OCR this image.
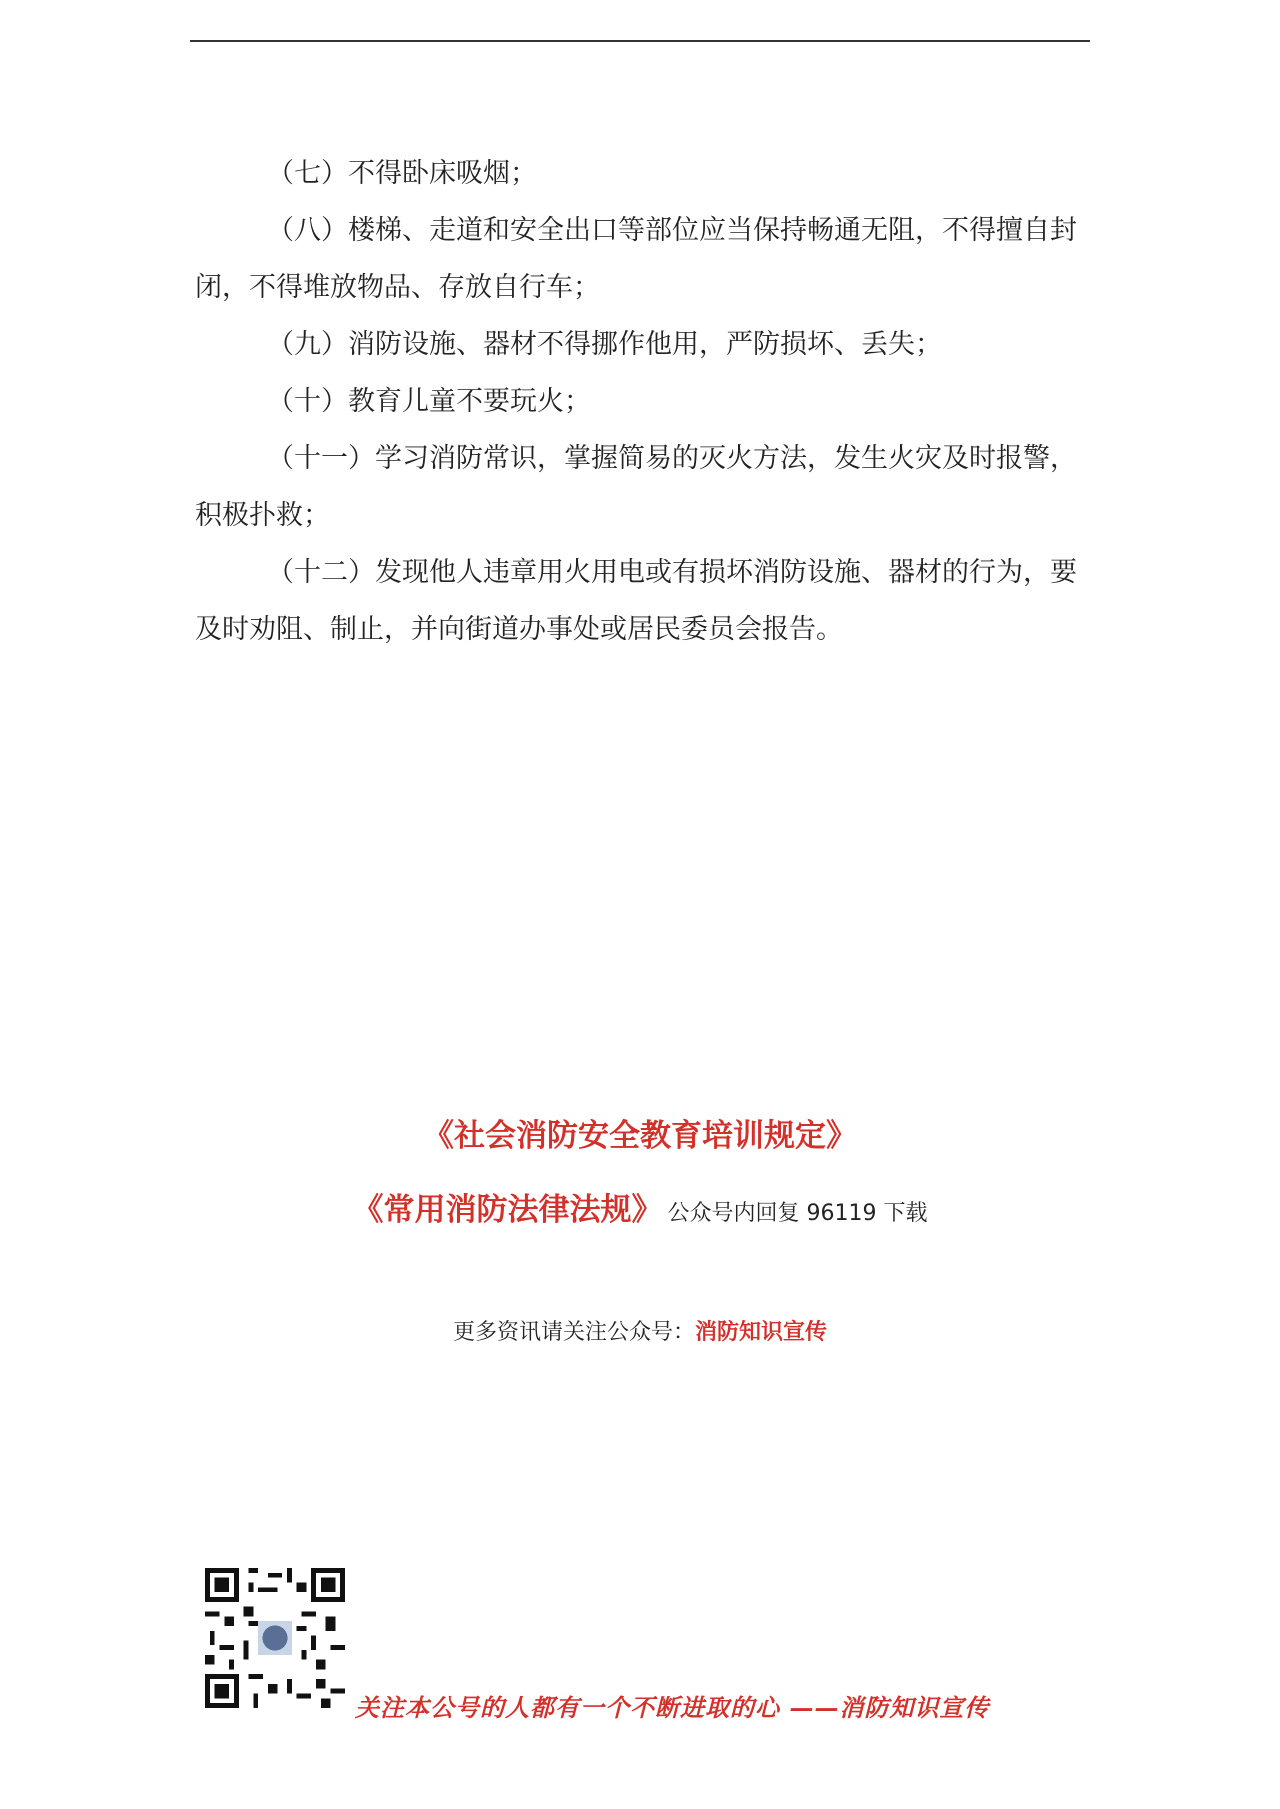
（七）不得卧床吸烟；

（八）楼梯、走道和安全出口等部位应当保持畅通无阻，不得擅自封闭，不得堆放物品、存放自行车；

（九）消防设施、器材不得挪作他用，严防损坏、丢失；

（十）教育儿童不要玩火；

（十一）学习消防常识，掌握简易的灭火方法，发生火灾及时报警，积极扑救；

（十二）发现他人违章用火用电或有损坏消防设施、器材的行为，要及时劝阻、制止，并向街道办事处或居民委员会报告。

《社会消防安全教育培训规定》
《常用消防法律法规》 公众号内回复 96119 下载
更多资讯请关注公众号：消防知识宣传
关注本公号的人都有一个不断进取的心 ——消防知识宣传
